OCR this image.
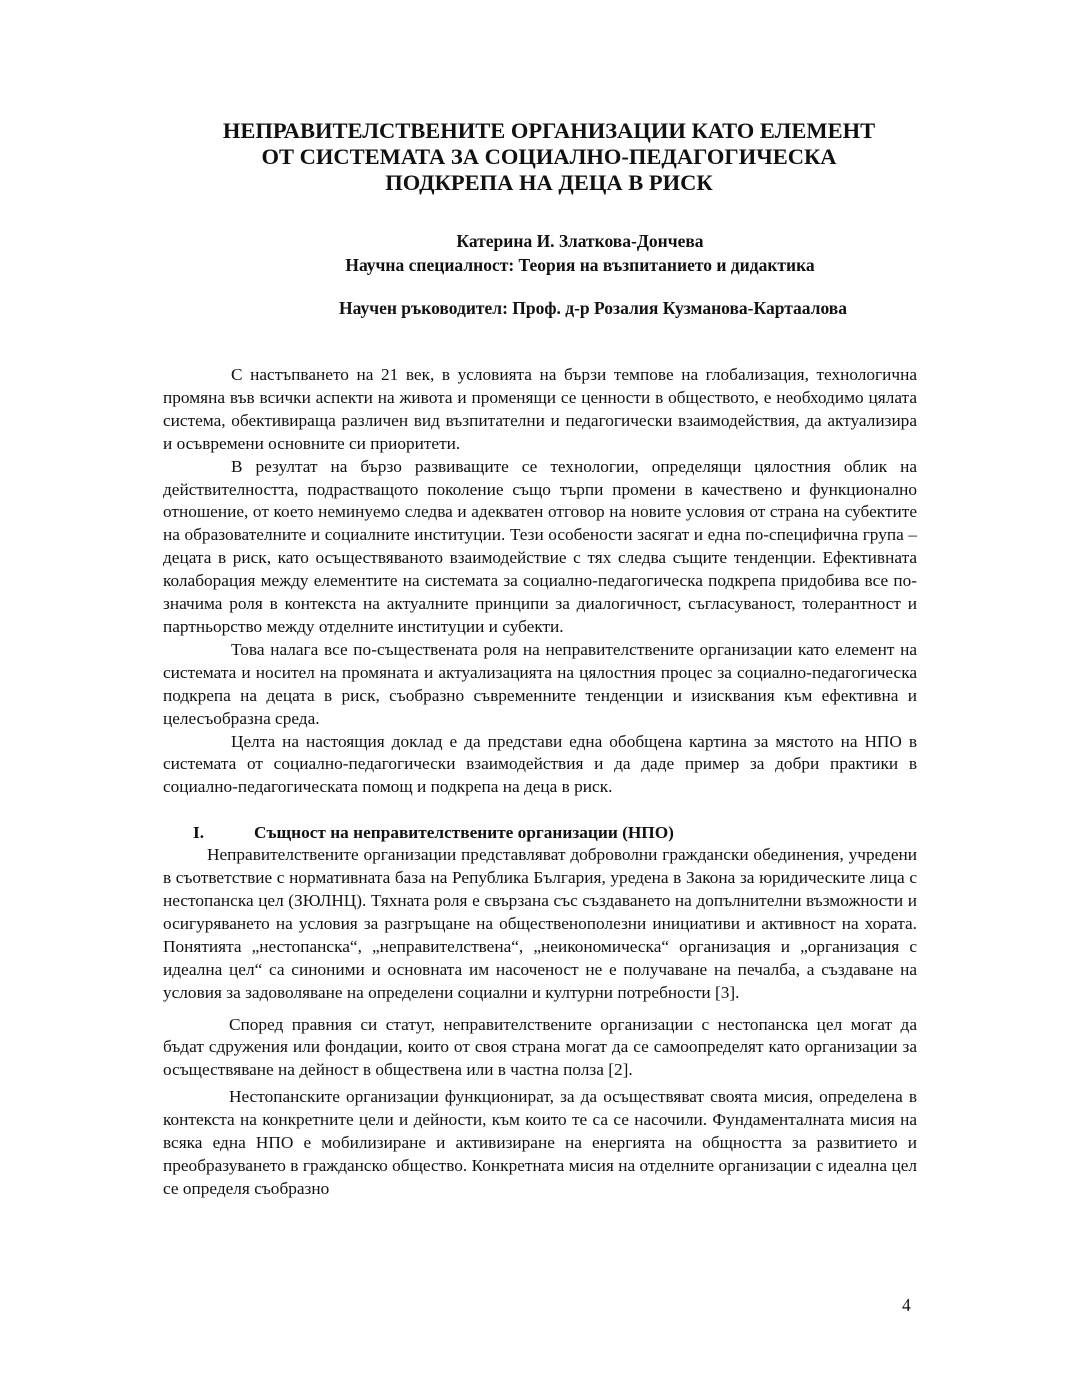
НЕПРАВИТЕЛСТВЕНИТЕ ОРГАНИЗАЦИИ КАТО ЕЛЕМЕНТ
ОТ СИСТЕМАТА ЗА СОЦИАЛНО-ПЕДАГОГИЧЕСКА
ПОДКРЕПА НА ДЕЦА В РИСК
Катерина И. Златкова-Дончева
Научна специалност: Теория на възпитанието и дидактика
Научен ръководител: Проф. д-р Розалия Кузманова-Картаалова

С настъпването на 21 век, в условията на бързи темпове на глобализация, технологична промяна във всички аспекти на живота и променящи се ценности в обществото, е необходимо цялата система, обективираща различен вид възпитателни и педагогически взаимодействия, да актуализира и осъвремени основните си приоритети.

В резултат на бързо развиващите се технологии, определящи цялостния облик на действителността, подрастващото поколение също търпи промени в качествено и функционално отношение, от което неминуемо следва и адекватен отговор на новите условия от страна на субектите на образователните и социалните институции. Тези особености засягат и една по-специфична група – децата в риск, като осъществяваното взаимодействие с тях следва същите тенденции. Ефективната колаборация между елементите на системата за социално-педагогическа подкрепа придобива все по-значима роля в контекста на актуалните принципи за диалогичност, съгласуваност, толерантност и партньорство между отделните институции и субекти.

Това налага все по-съществената роля на неправителствените организации като елемент на системата и носител на промяната и актуализацията на цялостния процес за социално-педагогическа подкрепа на децата в риск, съобразно съвременните тенденции и изисквания към ефективна и целесъобразна среда.

Целта на настоящия доклад е да представи една обобщена картина за мястото на НПО в системата от социално-педагогически взаимодействия и да даде пример за добри практики в социално-педагогическата помощ и подкрепа на деца в риск.

I.	Същност на неправителствените организации (НПО)

Неправителствените организации представляват доброволни граждански обединения, учредени в съответствие с нормативната база на Република България, уредена в Закона за юридическите лица с нестопанска цел (ЗЮЛНЦ). Тяхната роля е свързана със създаването на допълнителни възможности и осигуряването на условия за разгръщане на общественополезни инициативи и активност на хората. Понятията „нестопанска“, „неправителствена“, „неикономическа“ организация и „организация с идеална цел“ са синоними и основната им насоченост не е получаване на печалба, а създаване на условия за задоволяване на определени социални и културни потребности [3].

Според правния си статут, неправителствените организации с нестопанска цел могат да бъдат сдружения или фондации, които от своя страна могат да се самоопределят като организации за осъществяване на дейност в обществена или в частна полза [2].

Нестопанските организации функционират, за да осъществяват своята мисия, определена в контекста на конкретните цели и дейности, към които те са се насочили. Фундаменталната мисия на всяка една НПО е мобилизиране и активизиране на енергията на общността за развитието и преобразуването в гражданско общество. Конкретната мисия на отделните организации с идеална цел се определя съобразно

4
